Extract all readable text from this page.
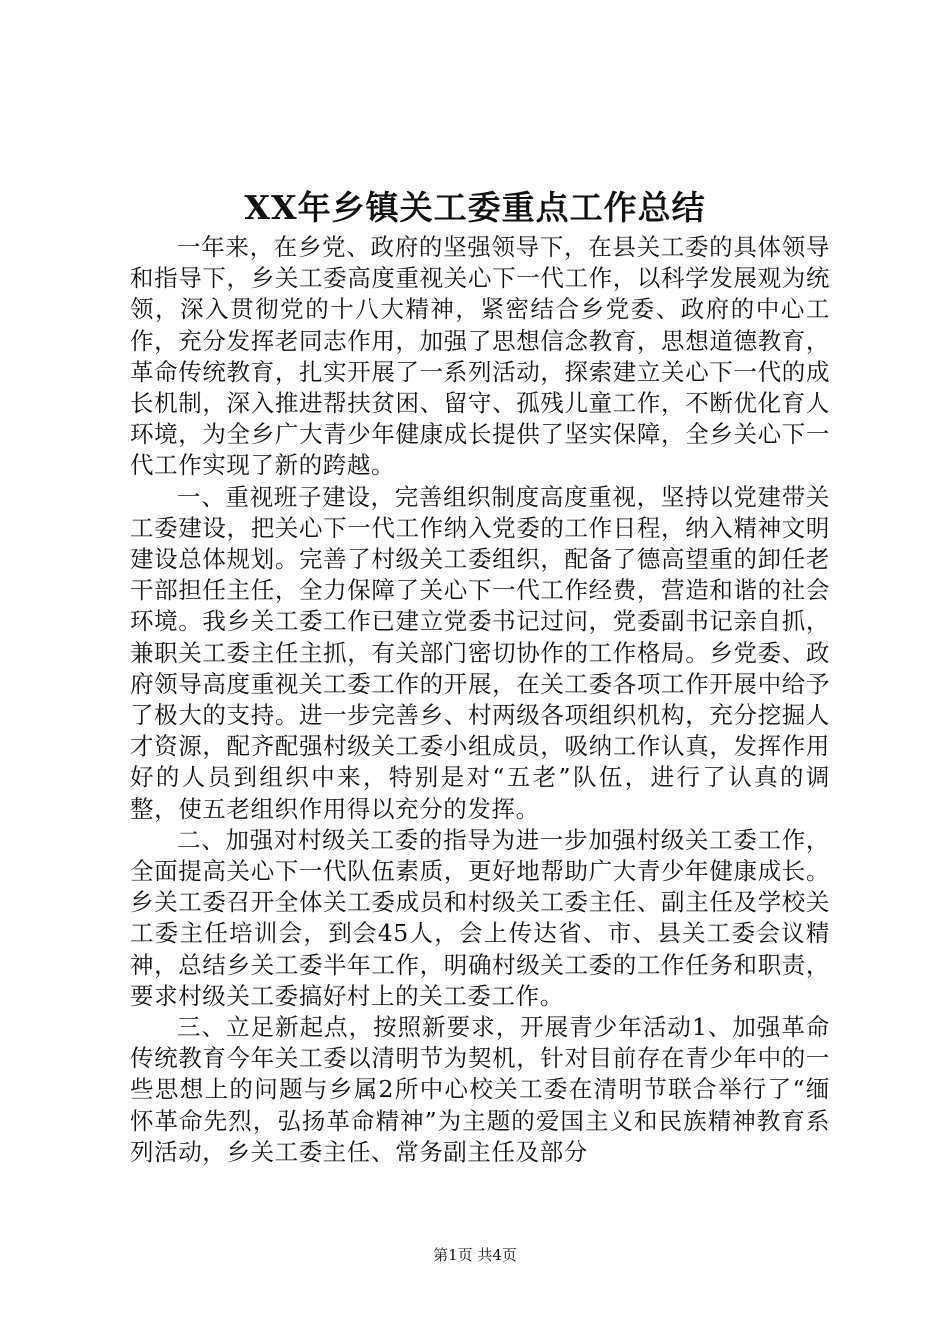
XX年乡镇关工委重点工作总结

一年来，在乡党、政府的坚强领导下，在县关工委的具体领导和指导下，乡关工委高度重视关心下一代工作，以科学发展观为统领，深入贯彻党的十八大精神，紧密结合乡党委、政府的中心工作，充分发挥老同志作用，加强了思想信念教育，思想道德教育，革命传统教育，扎实开展了一系列活动，探索建立关心下一代的成长机制，深入推进帮扶贫困、留守、孤残儿童工作，不断优化育人环境，为全乡广大青少年健康成长提供了坚实保障，全乡关心下一代工作实现了新的跨越。

一、重视班子建设，完善组织制度高度重视，坚持以党建带关工委建设，把关心下一代工作纳入党委的工作日程，纳入精神文明建设总体规划。完善了村级关工委组织，配备了德高望重的卸任老干部担任主任，全力保障了关心下一代工作经费，营造和谐的社会环境。我乡关工委工作已建立党委书记过问，党委副书记亲自抓，兼职关工委主任主抓，有关部门密切协作的工作格局。乡党委、政府领导高度重视关工委工作的开展，在关工委各项工作开展中给予了极大的支持。进一步完善乡、村两级各项组织机构，充分挖掘人才资源，配齐配强村级关工委小组成员，吸纳工作认真，发挥作用好的人员到组织中来，特别是对“五老”队伍，进行了认真的调整，使五老组织作用得以充分的发挥。

二、加强对村级关工委的指导为进一步加强村级关工委工作，全面提高关心下一代队伍素质，更好地帮助广大青少年健康成长。乡关工委召开全体关工委成员和村级关工委主任、副主任及学校关工委主任培训会，到会45人，会上传达省、市、县关工委会议精神，总结乡关工委半年工作，明确村级关工委的工作任务和职责，要求村级关工委搞好村上的关工委工作。

三、立足新起点，按照新要求，开展青少年活动1、加强革命传统教育今年关工委以清明节为契机，针对目前存在青少年中的一些思想上的问题与乡属2所中心校关工委在清明节联合举行了“缅怀革命先烈，弘扬革命精神”为主题的爱国主义和民族精神教育系列活动，乡关工委主任、常务副主任及部分

第1页 共4页
